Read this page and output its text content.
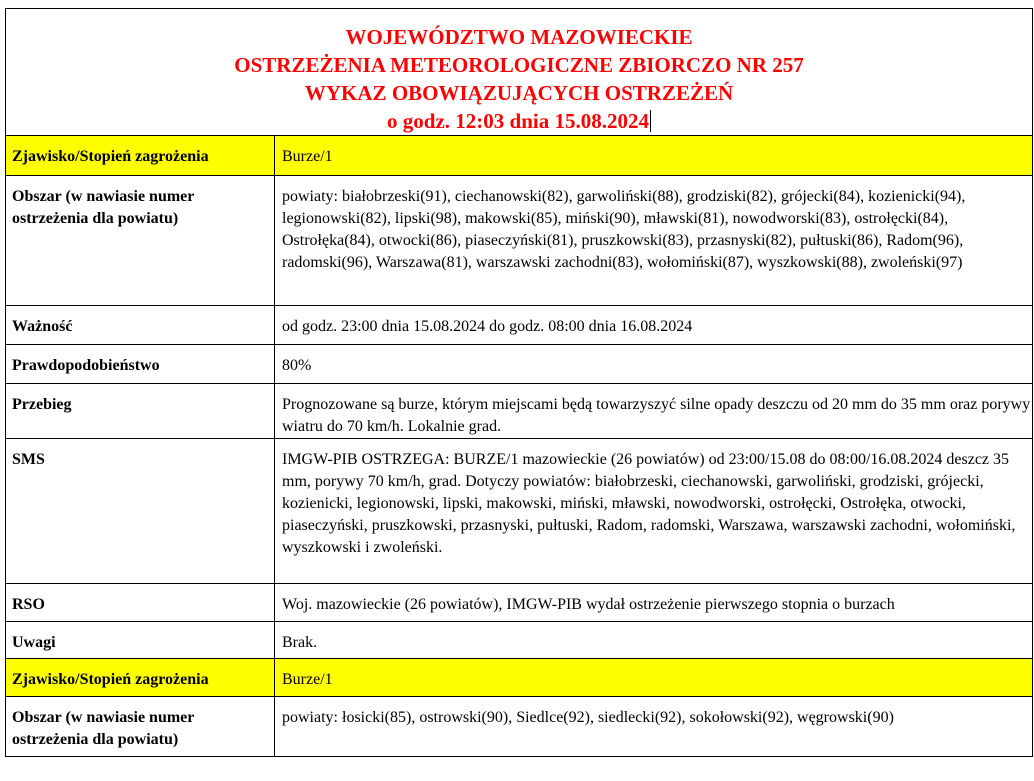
WOJEWÓDZTWO MAZOWIECKIE
OSTRZEŻENIA METEOROLOGICZNE ZBIORCZO NR 257
WYKAZ OBOWIĄZUJĄCYCH OSTRZEŻEŃ
o godz. 12:03 dnia 15.08.2024	

Zjawisko/Stopień zagrożenia	Burze/1
Obszar (w nawiasie numer ostrzeżenia dla powiatu)	powiaty: białobrzeski(91), ciechanowski(82), garwoliński(88), grodziski(82), grójecki(84), kozienicki(94), legionowski(82), lipski(98), makowski(85), miński(90), mławski(81), nowodworski(83), ostrołęcki(84), Ostrołęka(84), otwocki(86), piaseczyński(81), pruszkowski(83), przasnyski(82), pułtuski(86), Radom(96), radomski(96), Warszawa(81), warszawski zachodni(83), wołomiński(87), wyszkowski(88), zwoleński(97)
Ważność	od godz. 23:00 dnia 15.08.2024 do godz. 08:00 dnia 16.08.2024
Prawdopodobieństwo	80%
Przebieg	Prognozowane są burze, którym miejscami będą towarzyszyć silne opady deszczu od 20 mm do 35 mm oraz porywy wiatru do 70 km/h. Lokalnie grad.
SMS	IMGW-PIB OSTRZEGA: BURZE/1 mazowieckie (26 powiatów) od 23:00/15.08 do 08:00/16.08.2024 deszcz 35 mm, porywy 70 km/h, grad. Dotyczy powiatów: białobrzeski, ciechanowski, garwoliński, grodziski, grójecki, kozienicki, legionowski, lipski, makowski, miński, mławski, nowodworski, ostrołęcki, Ostrołęka, otwocki, piaseczyński, pruszkowski, przasnyski, pułtuski, Radom, radomski, Warszawa, warszawski zachodni, wołomiński, wyszkowski i zwoleński.
RSO	Woj. mazowieckie (26 powiatów), IMGW-PIB wydał ostrzeżenie pierwszego stopnia o burzach
Uwagi	Brak.
Zjawisko/Stopień zagrożenia	Burze/1
Obszar (w nawiasie numer ostrzeżenia dla powiatu)	powiaty: łosicki(85), ostrowski(90), Siedlce(92), siedlecki(92), sokołowski(92), węgrowski(90)
